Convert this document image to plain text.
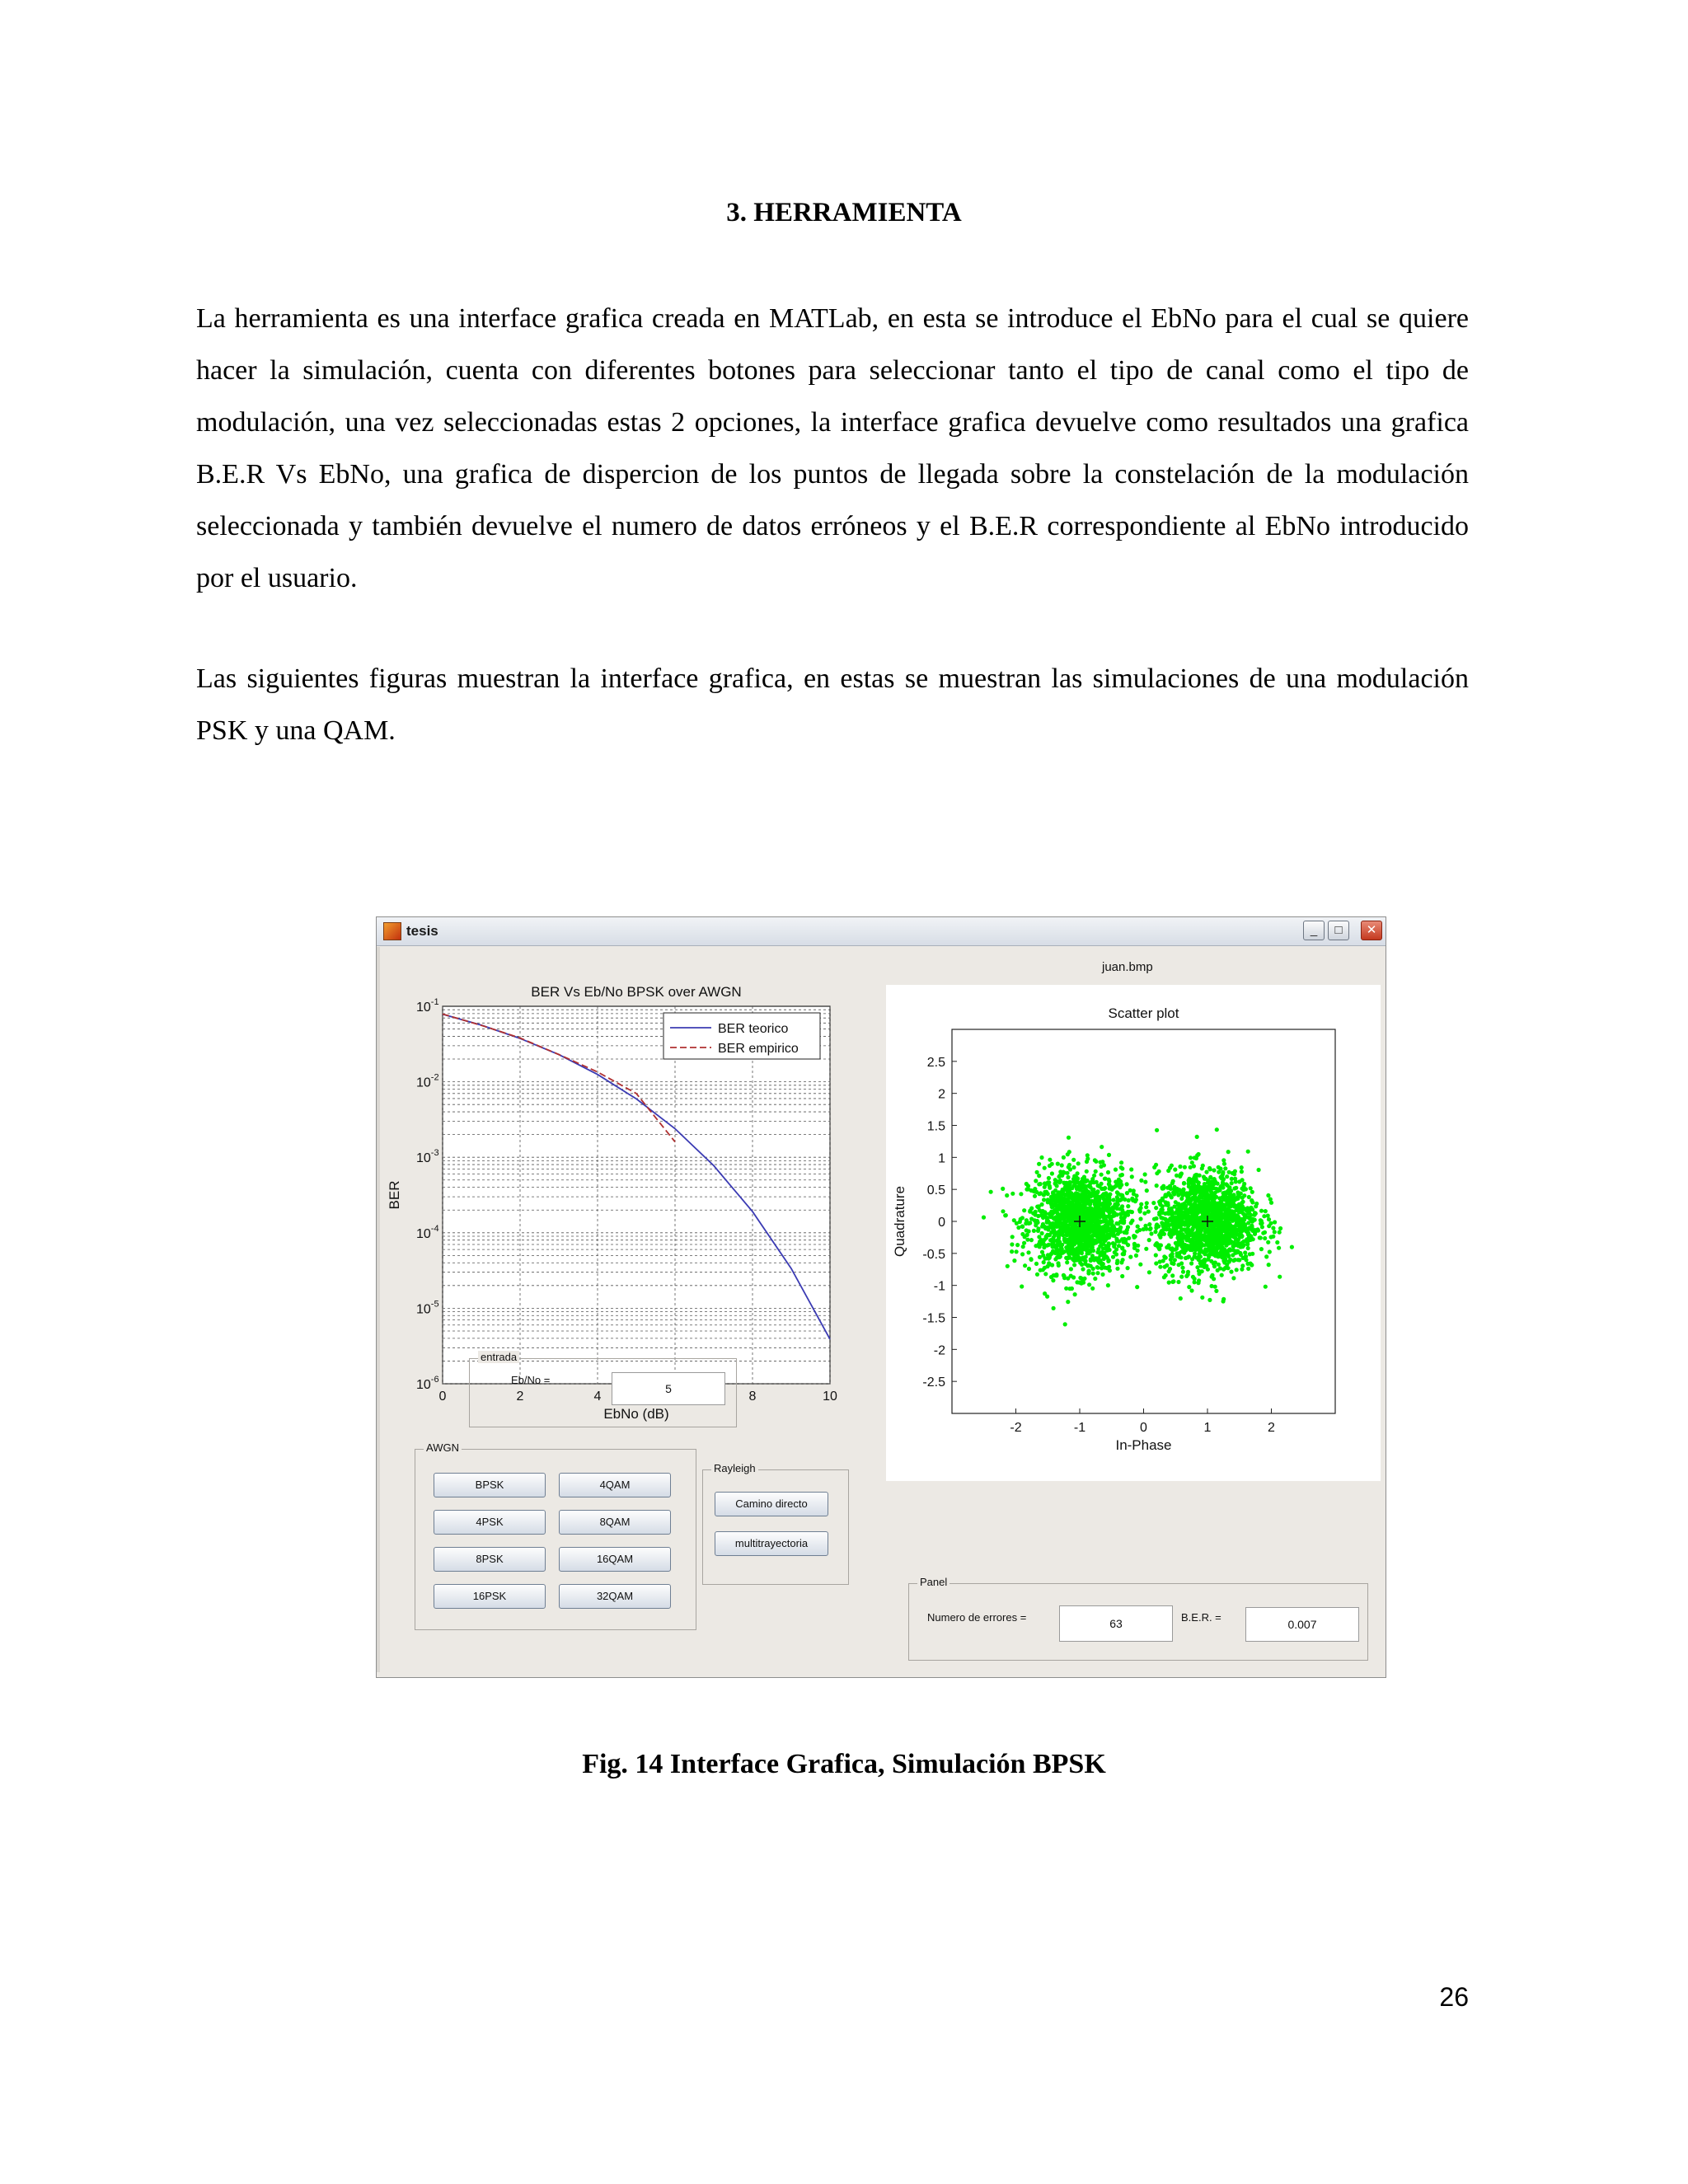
3. HERRAMIENTA

La herramienta es una interface grafica creada en MATLab, en esta se introduce el EbNo para el cual se quiere hacer la simulación, cuenta con diferentes botones para seleccionar tanto el tipo de canal como el tipo de modulación, una vez seleccionadas estas 2 opciones, la interface grafica devuelve como resultados una grafica B.E.R Vs EbNo, una grafica de dispercion de los puntos de llegada sobre la constelación de la modulación seleccionada y también devuelve el numero de datos erróneos y el B.E.R correspondiente al EbNo introducido por el usuario.

Las siguientes figuras muestran la interface grafica, en estas se muestran las simulaciones de una modulación PSK y una QAM.

tesis	_	□	✕
0	2	4	8	10
$10^{-1}$
$10^{-2}$
$10^{-3}$
$10^{-4}$
$10^{-5}$
$10^{-6}$
BER Vs Eb/No BPSK over AWGN
EbNo (dB)
BER
BER teorico
BER empirico
juan.bmp
Scatter plot
-2	-1	0	1	2
2.5
2
1.5
1
0.5
0
-0.5
-1
-1.5
-2
-2.5
In-Phase
Quadrature
entrada
Eb/No =
5
AWGN
BPSK	4QAM
4PSK	8QAM
8PSK	16QAM
16PSK	32QAM
Rayleigh
Camino directo
multitrayectoria
Panel
Numero de errores =	63	B.E.R. =
0.007
Fig. 14 Interface Grafica, Simulación BPSK
26
